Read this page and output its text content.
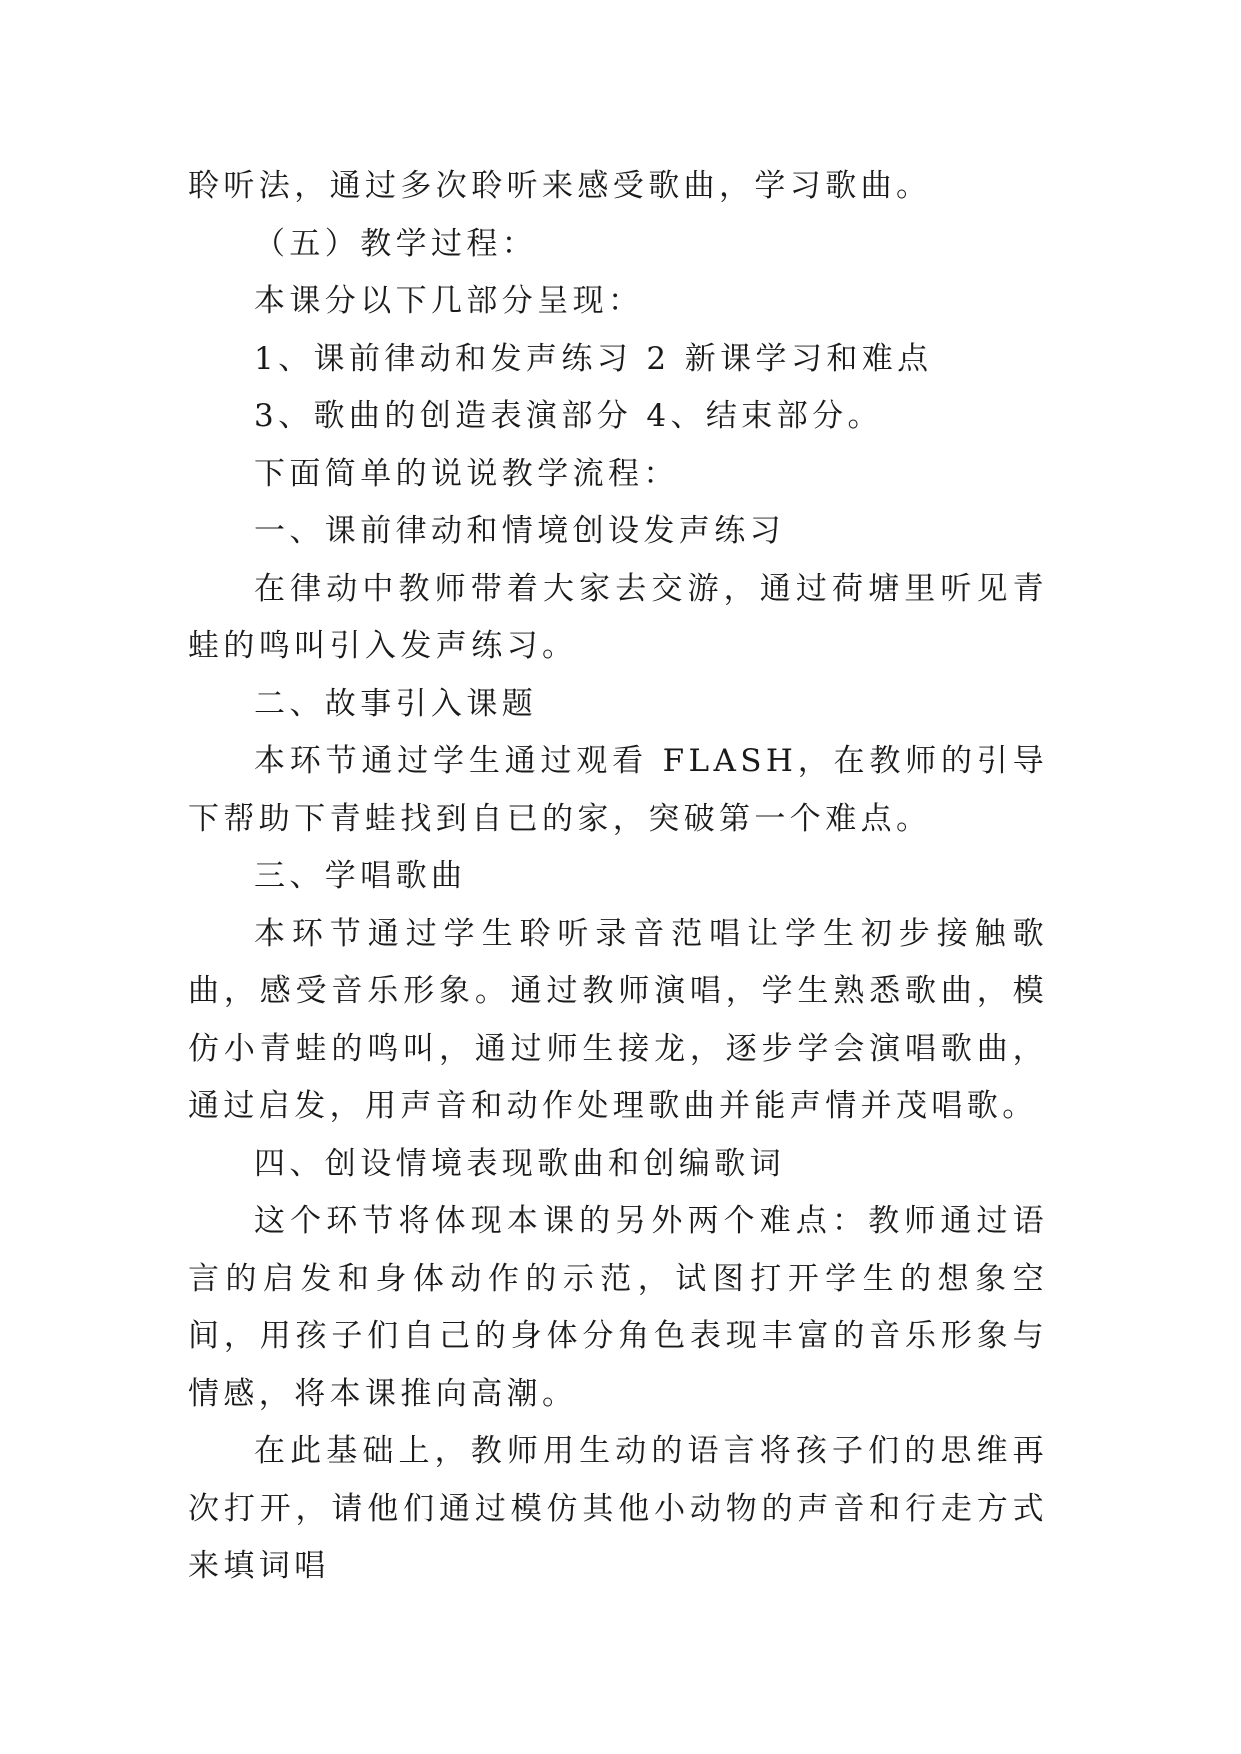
聆听法，通过多次聆听来感受歌曲，学习歌曲。

（五）教学过程：

本课分以下几部分呈现：

1、课前律动和发声练习 2 新课学习和难点

3、歌曲的创造表演部分 4、结束部分。

下面简单的说说教学流程：

一、课前律动和情境创设发声练习

在律动中教师带着大家去交游，通过荷塘里听见青蛙的鸣叫引入发声练习。

二、故事引入课题

本环节通过学生通过观看 FLASH，在教师的引导下帮助下青蛙找到自已的家，突破第一个难点。

三、学唱歌曲

本环节通过学生聆听录音范唱让学生初步接触歌曲，感受音乐形象。通过教师演唱，学生熟悉歌曲，模仿小青蛙的鸣叫，通过师生接龙，逐步学会演唱歌曲，通过启发，用声音和动作处理歌曲并能声情并茂唱歌。

四、创设情境表现歌曲和创编歌词

这个环节将体现本课的另外两个难点：教师通过语言的启发和身体动作的示范，试图打开学生的想象空间，用孩子们自己的身体分角色表现丰富的音乐形象与情感，将本课推向高潮。

在此基础上，教师用生动的语言将孩子们的思维再次打开，请他们通过模仿其他小动物的声音和行走方式来填词唱
